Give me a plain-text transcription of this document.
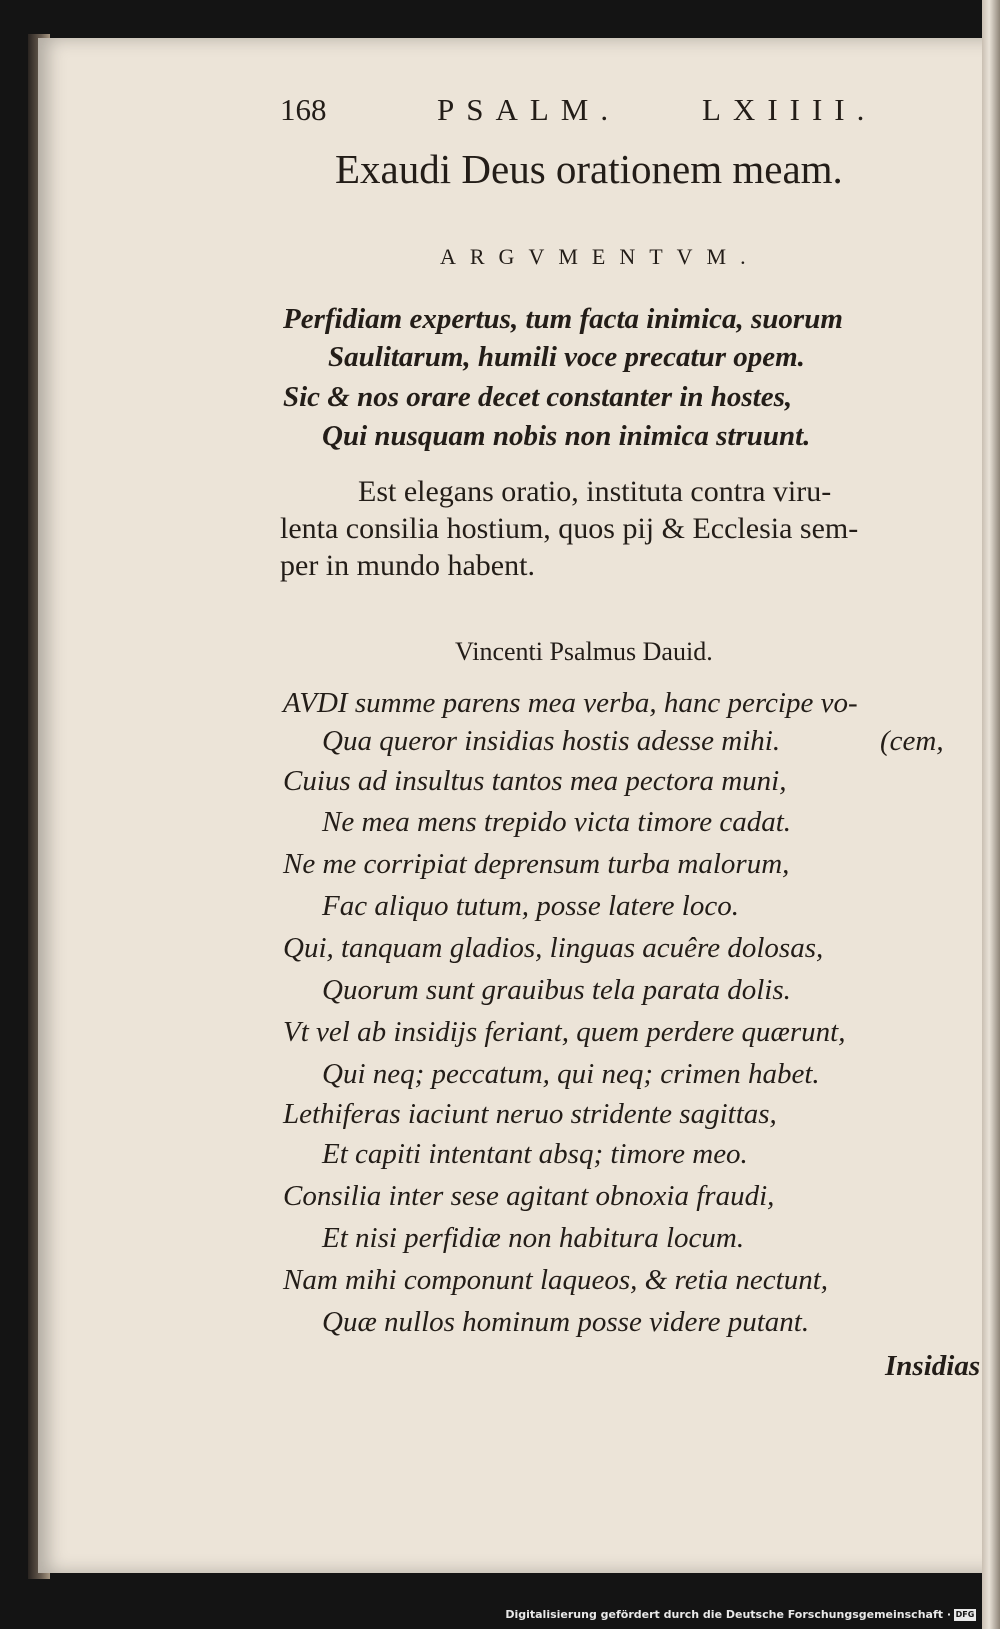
168	PSALM.	LXIIII.
Exaudi Deus orationem meam.
ARGVMENTVM.
Perfidiam expertus, tum facta inimica, suorum
Saulitarum, humili voce precatur opem.
Sic & nos orare decet constanter in hostes,
Qui nusquam nobis non inimica struunt.
Est elegans oratio, instituta contra viru-
lenta consilia hostium, quos pij & Ecclesia sem-
per in mundo habent.
Vincenti Psalmus Dauid.
AVDI summe parens mea verba, hanc percipe vo-
Qua queror insidias hostis adesse mihi.	(cem,
Cuius ad insultus tantos mea pectora muni,
Ne mea mens trepido victa timore cadat.
Ne me corripiat deprensum turba malorum,
Fac aliquo tutum, posse latere loco.
Qui, tanquam gladios, linguas acuêre dolosas,
Quorum sunt grauibus tela parata dolis.
Vt vel ab insidijs feriant, quem perdere quærunt,
Qui neq; peccatum, qui neq; crimen habet.
Lethiferas iaciunt neruo stridente sagittas,
Et capiti intentant absq; timore meo.
Consilia inter sese agitant obnoxia fraudi,
Et nisi perfidiæ non habitura locum.
Nam mihi componunt laqueos, & retia nectunt,
Quæ nullos hominum posse videre putant.
Insidias
Digitalisierung gefördert durch die Deutsche Forschungsgemeinschaft · DFG
